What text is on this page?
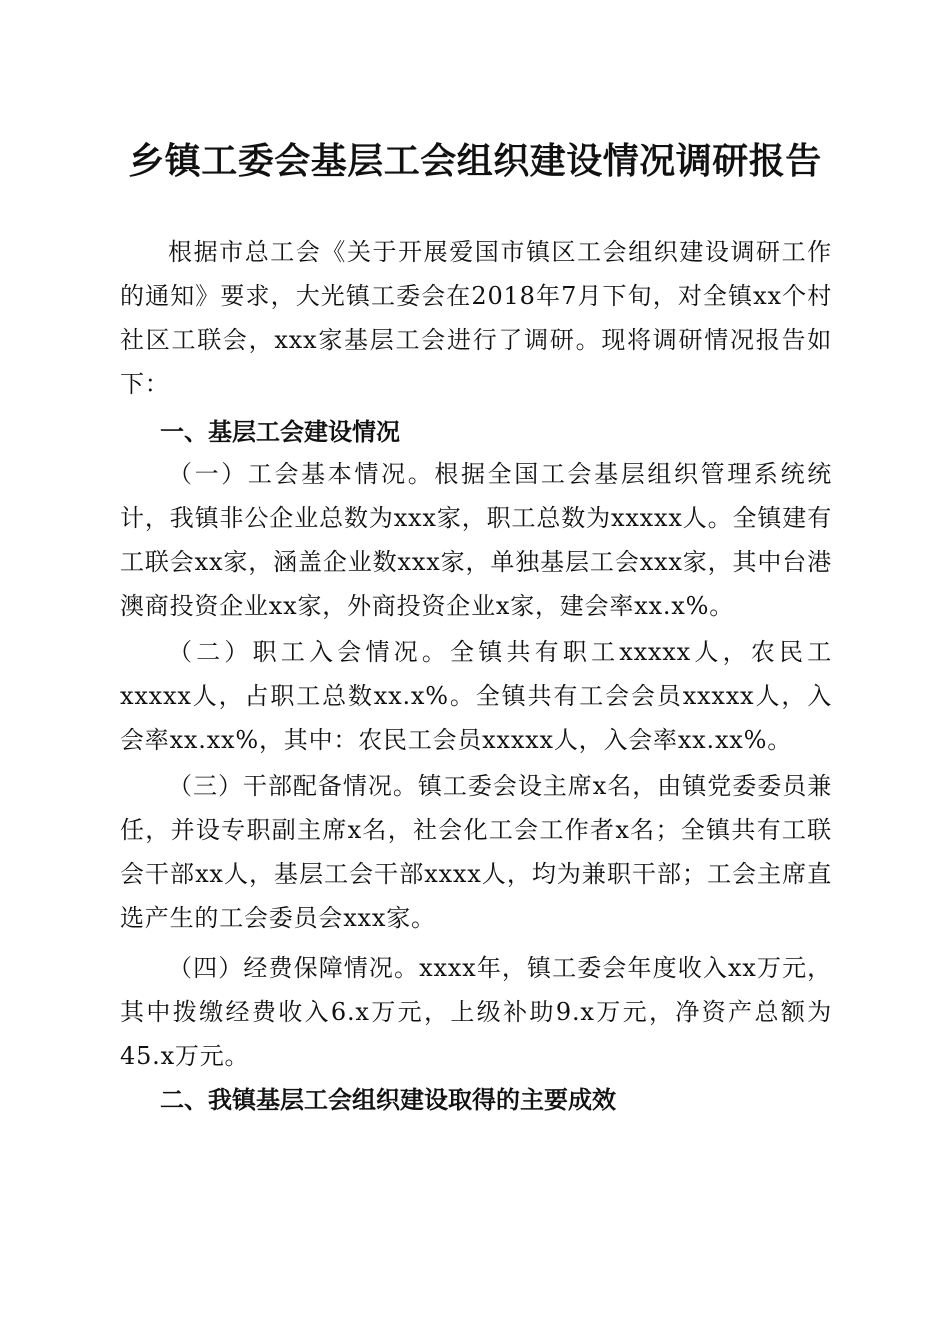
乡镇工委会基层工会组织建设情况调研报告
根据市总工会《关于开展爱国市镇区工会组织建设调研工作的通知》要求，大光镇工委会在2018年7月下旬，对全镇xx个村社区工联会，xxx家基层工会进行了调研。现将调研情况报告如下：
一、基层工会建设情况
（一）工会基本情况。根据全国工会基层组织管理系统统计，我镇非公企业总数为xxx家，职工总数为xxxxx人。全镇建有工联会xx家，涵盖企业数xxx家，单独基层工会xxx家，其中台港澳商投资企业xx家，外商投资企业x家，建会率xx.x%。
（二）职工入会情况。全镇共有职工xxxxx人，农民工xxxxx人，占职工总数xx.x%。全镇共有工会会员xxxxx人，入会率xx.xx%，其中：农民工会员xxxxx人，入会率xx.xx%。
（三）干部配备情况。镇工委会设主席x名，由镇党委委员兼任，并设专职副主席x名，社会化工会工作者x名；全镇共有工联会干部xx人，基层工会干部xxxx人，均为兼职干部；工会主席直选产生的工会委员会xxx家。
（四）经费保障情况。xxxx年，镇工委会年度收入xx万元，其中拨缴经费收入6.x万元，上级补助9.x万元，净资产总额为45.x万元。
二、我镇基层工会组织建设取得的主要成效
